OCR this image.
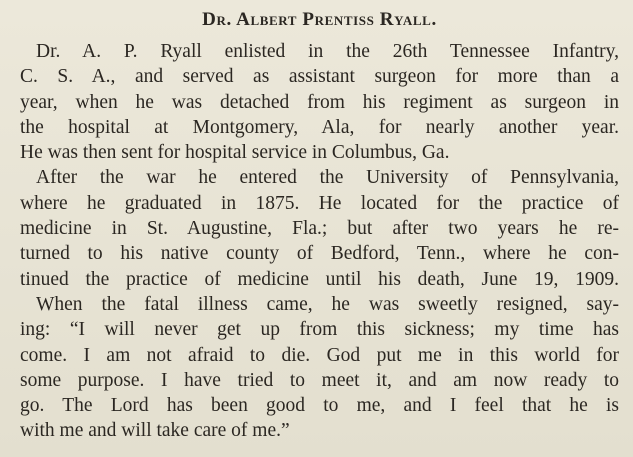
Dr. Albert Prentiss Ryall.

Dr. A. P. Ryall enlisted in the 26th Tennessee Infantry,
C. S. A., and served as assistant surgeon for more than a
year, when he was detached from his regiment as surgeon in
the hospital at Montgomery, Ala, for nearly another year.
He was then sent for hospital service in Columbus, Ga.

After the war he entered the University of Pennsylvania,
where he graduated in 1875. He located for the practice of
medicine in St. Augustine, Fla.; but after two years he re-
turned to his native county of Bedford, Tenn., where he con-
tinued the practice of medicine until his death, June 19, 1909.

When the fatal illness came, he was sweetly resigned, say-
ing: “I will never get up from this sickness; my time has
come. I am not afraid to die. God put me in this world for
some purpose. I have tried to meet it, and am now ready to
go. The Lord has been good to me, and I feel that he is
with me and will take care of me.”
